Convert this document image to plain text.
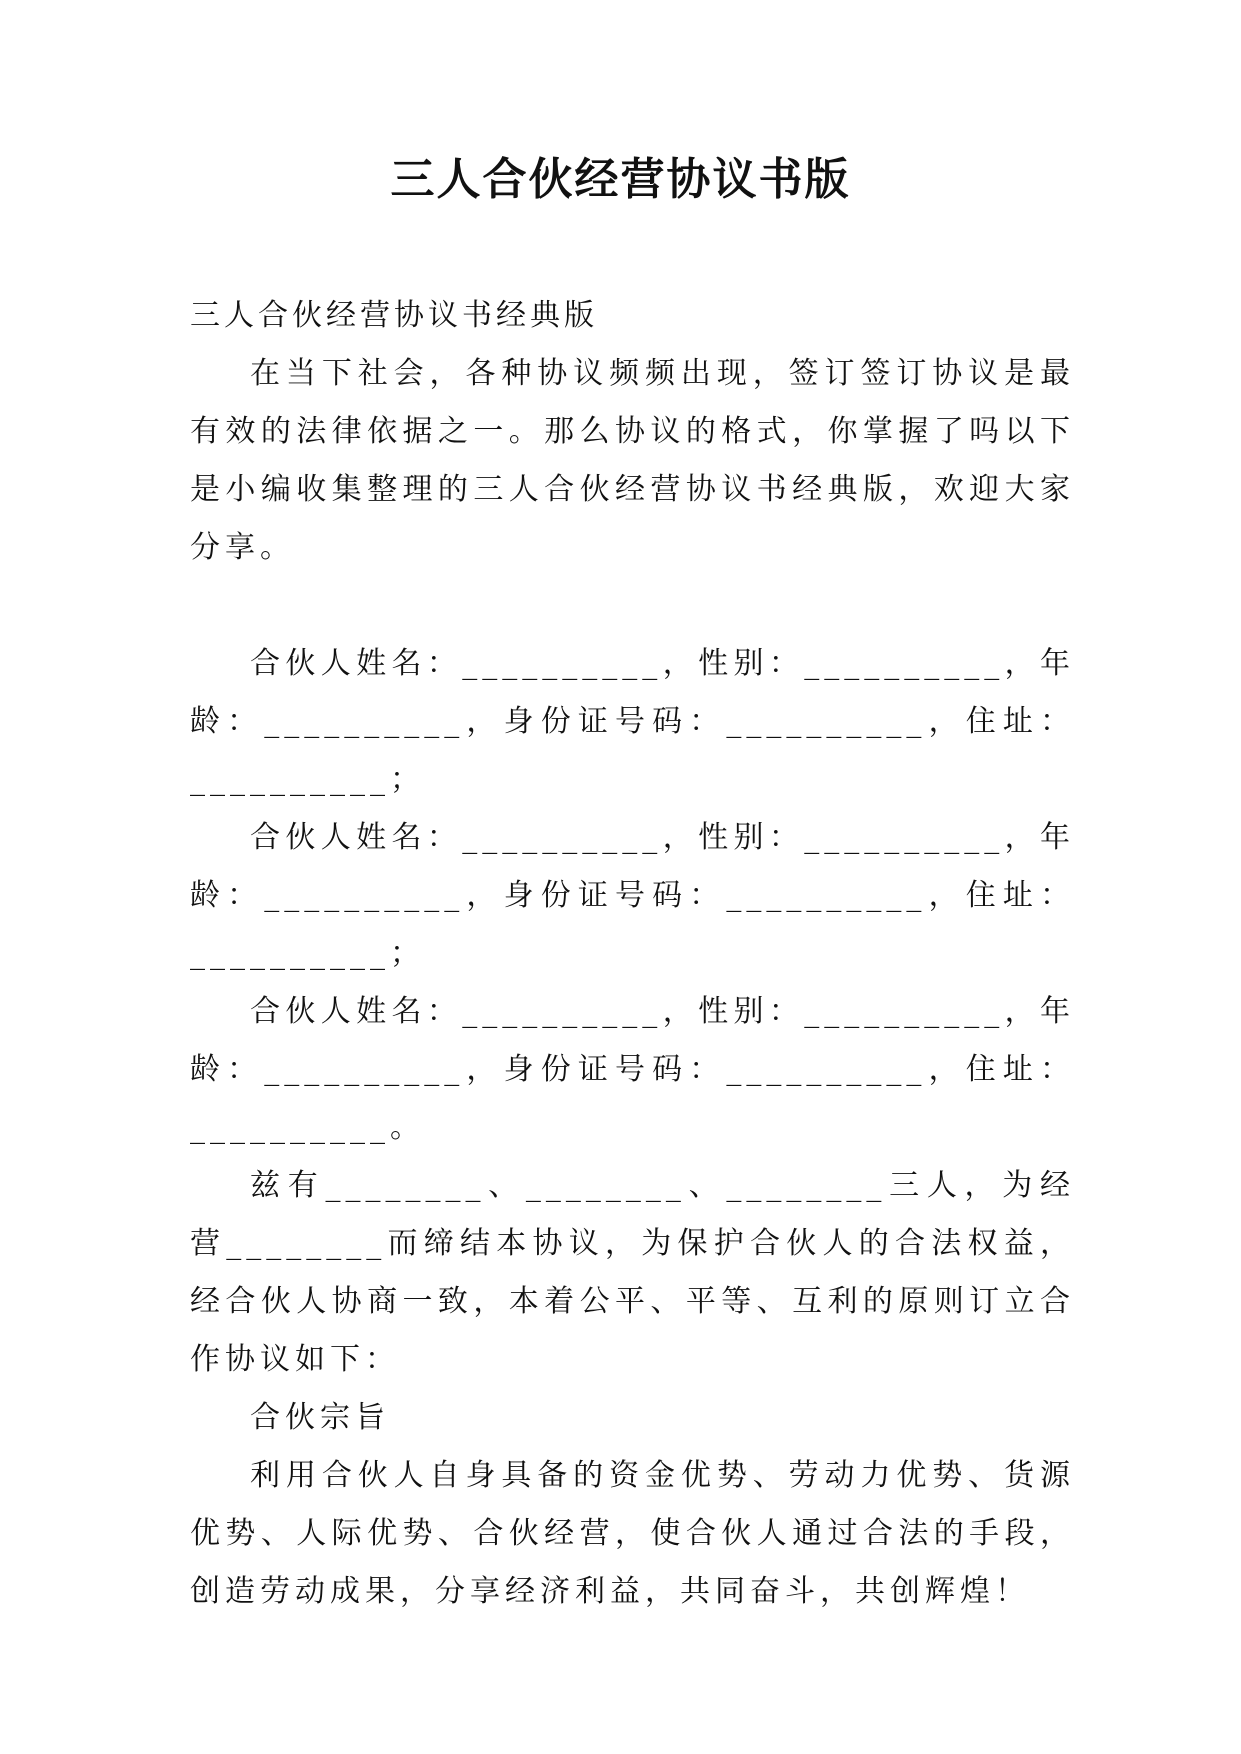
三人合伙经营协议书版

三人合伙经营协议书经典版

在当下社会，各种协议频频出现，签订签订协议是最有效的法律依据之一。那么协议的格式，你掌握了吗以下是小编收集整理的三人合伙经营协议书经典版，欢迎大家分享。

合伙人姓名：__________，性别：__________，年龄：__________，身份证号码：__________，住址：__________；

合伙人姓名：__________，性别：__________，年龄：__________，身份证号码：__________，住址：__________；

合伙人姓名：__________，性别：__________，年龄：__________，身份证号码：__________，住址：__________。

兹有________、________、________三人，为经营________而缔结本协议，为保护合伙人的合法权益，经合伙人协商一致，本着公平、平等、互利的原则订立合作协议如下：

合伙宗旨

利用合伙人自身具备的资金优势、劳动力优势、货源优势、人际优势、合伙经营，使合伙人通过合法的手段，创造劳动成果，分享经济利益，共同奋斗，共创辉煌！
